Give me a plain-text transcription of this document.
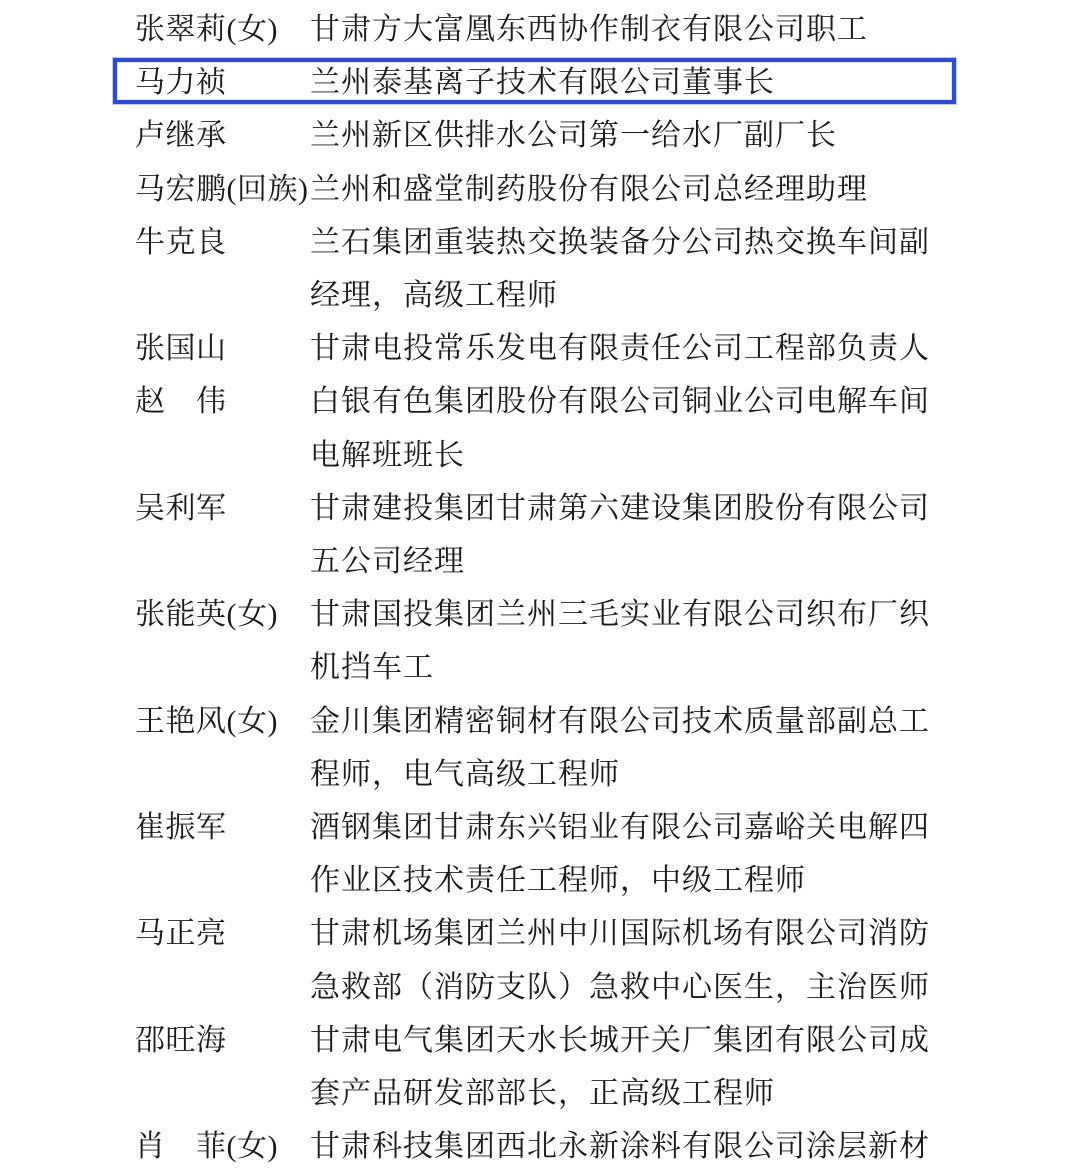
张翠莉(女)	甘肃方大富凰东西协作制衣有限公司职工
马力祯	兰州泰基离子技术有限公司董事长
卢继承	兰州新区供排水公司第一给水厂副厂长
马宏鹏(回族) 兰州和盛堂制药股份有限公司总经理助理
牛克良	兰石集团重装热交换装备分公司热交换车间副经理，高级工程师
张国山	甘肃电投常乐发电有限责任公司工程部负责人
赵　伟	白银有色集团股份有限公司铜业公司电解车间电解班班长
吴利军	甘肃建投集团甘肃第六建设集团股份有限公司五公司经理
张能英(女)	甘肃国投集团兰州三毛实业有限公司织布厂织机挡车工
王艳风(女)	金川集团精密铜材有限公司技术质量部副总工程师，电气高级工程师
崔振军	酒钢集团甘肃东兴铝业有限公司嘉峪关电解四作业区技术责任工程师，中级工程师
马正亮	甘肃机场集团兰州中川国际机场有限公司消防急救部（消防支队）急救中心医生，主治医师
邵旺海	甘肃电气集团天水长城开关厂集团有限公司成套产品研发部部长，正高级工程师
肖　菲(女)	甘肃科技集团西北永新涂料有限公司涂层新材
